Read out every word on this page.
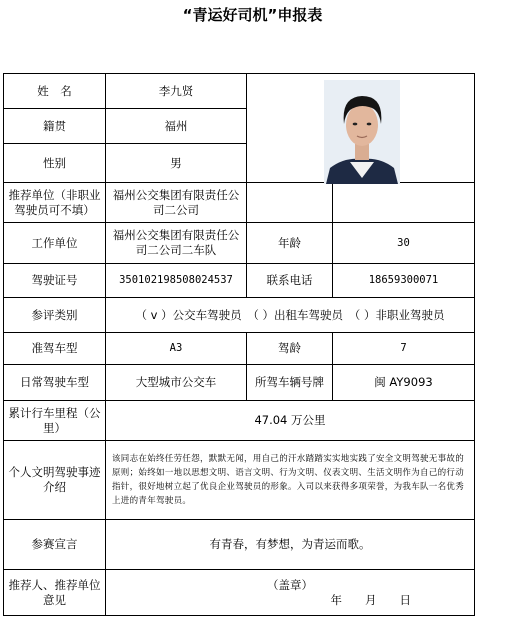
“青运好司机”申报表
姓　名	李九贤	

籍贯	福州		
性别	男		
推荐单位（非职业驾驶员可不填）	福州公交集团有限责任公司二公司		
工作单位	福州公交集团有限责任公司二公司二车队	年龄	30
驾驶证号	350102198508024537	联系电话	18659300071
参评类别	（ v ）公交车驾驶员　（ ）出租车驾驶员　（ ）非职业驾驶员		
准驾车型	A3	驾龄	7
日常驾驶车型	大型城市公交车	所驾车辆号牌	闽 AY9093
累计行车里程（公里）	47.04 万公里		
个人文明驾驶事迹介绍	该同志在始终任劳任怨，默默无闻，用自己的汗水踏踏实实地实践了安全文明驾驶无事故的原则；始终如一地以思想文明、语言文明、行为文明、仪表文明、生活文明作为自己的行动指针，很好地树立起了优良企业驾驶员的形象。入司以来获得多项荣誉，为我车队一名优秀上进的青年驾驶员。		
参赛宣言	有青春，有梦想，为青运而歌。		
推荐人、推荐单位意见	（盖章）
年　　月　　日		
